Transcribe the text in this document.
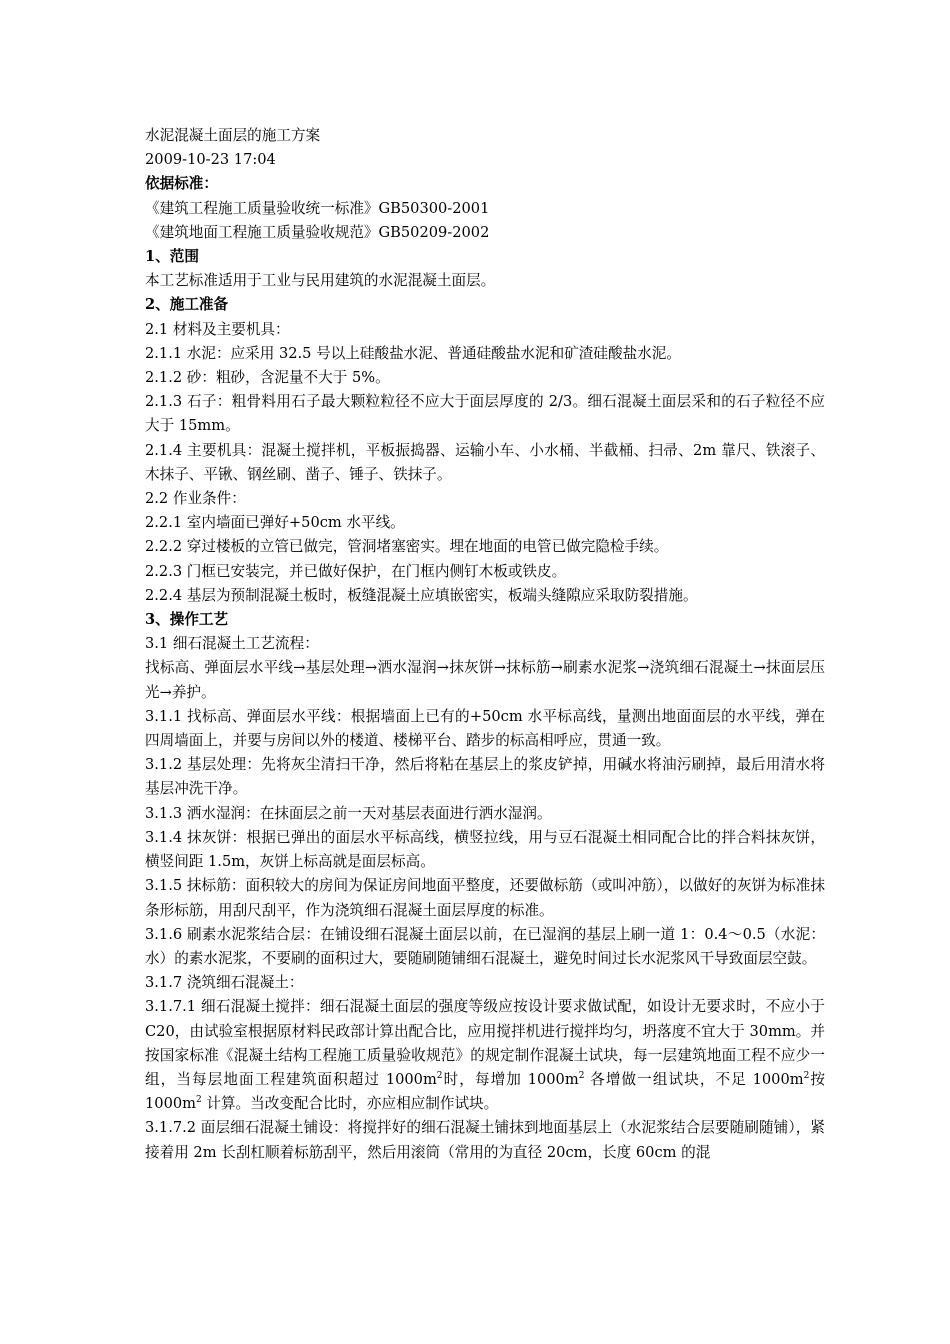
水泥混凝土面层的施工方案

2009-10-23 17:04

依据标准：

《建筑工程施工质量验收统一标准》GB50300-2001

《建筑地面工程施工质量验收规范》GB50209-2002

1、范围

本工艺标准适用于工业与民用建筑的水泥混凝土面层。

2、施工准备

2.1 材料及主要机具：

2.1.1 水泥：应采用 32.5 号以上硅酸盐水泥、普通硅酸盐水泥和矿渣硅酸盐水泥。

2.1.2 砂：粗砂，含泥量不大于 5%。

2.1.3 石子：粗骨料用石子最大颗粒粒径不应大于面层厚度的 2/3。细石混凝土面层采和的石子粒径不应大于 15mm。

2.1.4 主要机具：混凝土搅拌机，平板振捣器、运输小车、小水桶、半截桶、扫帚、2m 靠尺、铁滚子、木抹子、平锹、钢丝刷、凿子、锤子、铁抹子。

2.2 作业条件：

2.2.1 室内墙面已弹好+50cm 水平线。

2.2.2 穿过楼板的立管已做完，管洞堵塞密实。埋在地面的电管已做完隐检手续。

2.2.3 门框已安装完，并已做好保护，在门框内侧钉木板或铁皮。

2.2.4 基层为预制混凝土板时，板缝混凝土应填嵌密实，板端头缝隙应采取防裂措施。

3、操作工艺

3.1 细石混凝土工艺流程：

找标高、弹面层水平线→基层处理→洒水湿润→抹灰饼→抹标筋→刷素水泥浆→浇筑细石混凝土→抹面层压光→养护。

3.1.1 找标高、弹面层水平线：根据墙面上已有的+50cm 水平标高线，量测出地面面层的水平线，弹在四周墙面上，并要与房间以外的楼道、楼梯平台、踏步的标高相呼应，贯通一致。

3.1.2 基层处理：先将灰尘清扫干净，然后将粘在基层上的浆皮铲掉，用碱水将油污刷掉，最后用清水将基层冲洗干净。

3.1.3 洒水湿润：在抹面层之前一天对基层表面进行洒水湿润。

3.1.4 抹灰饼：根据已弹出的面层水平标高线，横竖拉线，用与豆石混凝土相同配合比的拌合料抹灰饼，横竖间距 1.5m，灰饼上标高就是面层标高。

3.1.5 抹标筋：面积较大的房间为保证房间地面平整度，还要做标筋（或叫冲筋），以做好的灰饼为标准抹条形标筋，用刮尺刮平，作为浇筑细石混凝土面层厚度的标准。

3.1.6 刷素水泥浆结合层：在铺设细石混凝土面层以前，在已湿润的基层上刷一道 1：0.4～0.5（水泥：水）的素水泥浆，不要刷的面积过大，要随刷随铺细石混凝土，避免时间过长水泥浆风干导致面层空鼓。

3.1.7 浇筑细石混凝土：

3.1.7.1 细石混凝土搅拌：细石混凝土面层的强度等级应按设计要求做试配，如设计无要求时，不应小于 C20，由试验室根据原材料民政部计算出配合比，应用搅拌机进行搅拌均匀，坍落度不宜大于 30mm。并按国家标准《混凝土结构工程施工质量验收规范》的规定制作混凝土试块，每一层建筑地面工程不应少一组，当每层地面工程建筑面积超过 $1000m^2$时，每增加 $1000m^2$ 各增做一组试块，不足 $1000m^2$按 $1000m^2$ 计算。当改变配合比时，亦应相应制作试块。

3.1.7.2 面层细石混凝土铺设：将搅拌好的细石混凝土铺抹到地面基层上（水泥浆结合层要随刷随铺），紧接着用 2m 长刮杠顺着标筋刮平，然后用滚筒（常用的为直径 20cm，长度 60cm 的混
